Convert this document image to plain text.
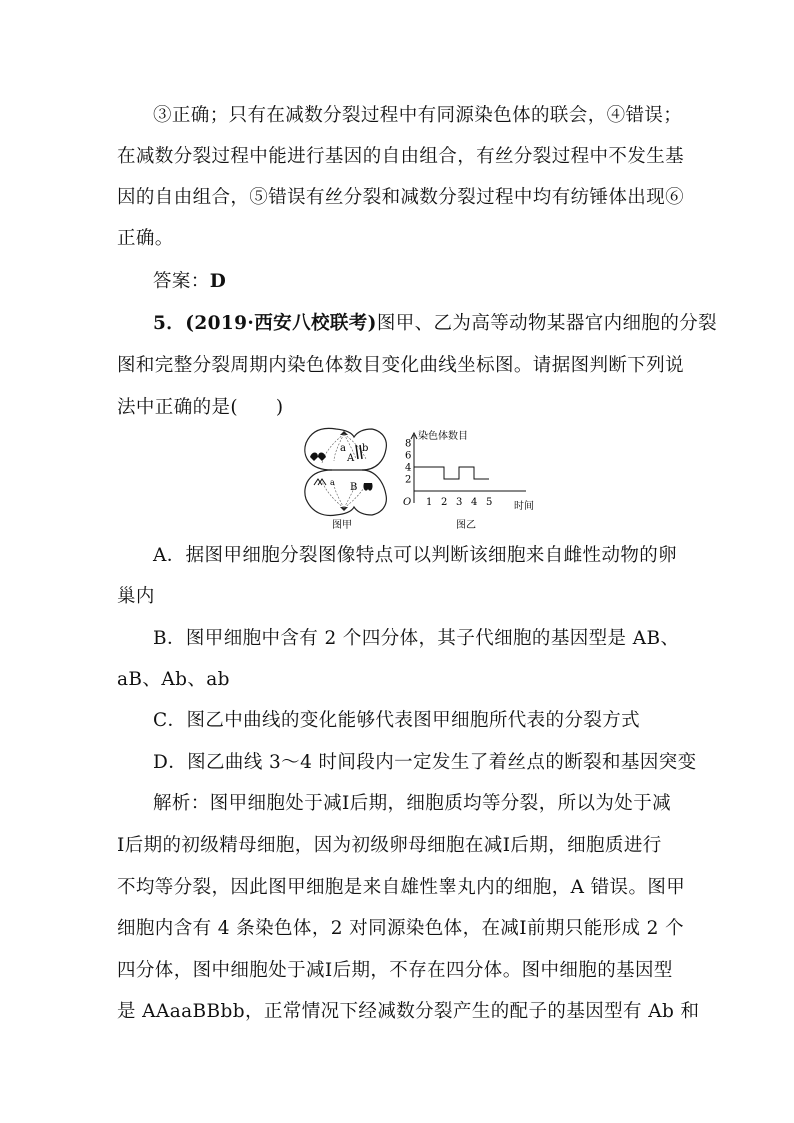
③正确；只有在减数分裂过程中有同源染色体的联会，④错误；
在减数分裂过程中能进行基因的自由组合，有丝分裂过程中不发生基
因的自由组合，⑤错误有丝分裂和减数分裂过程中均有纺锤体出现⑥
正确。
答案：D
5．(2019·西安八校联考)图甲、乙为高等动物某器官内细胞的分裂
图和完整分裂周期内染色体数目变化曲线坐标图。请据图判断下列说
法中正确的是(　　)
A
a b
a B
图甲
染色体数目
时间
O
2
4
6
8
1 2 3 4 5
图乙
A．据图甲细胞分裂图像特点可以判断该细胞来自雌性动物的卵
巢内
B．图甲细胞中含有 2 个四分体，其子代细胞的基因型是 AB、
aB、Ab、ab
C．图乙中曲线的变化能够代表图甲细胞所代表的分裂方式
D．图乙曲线 3～4 时间段内一定发生了着丝点的断裂和基因突变
解析：图甲细胞处于减Ⅰ后期，细胞质均等分裂，所以为处于减
Ⅰ后期的初级精母细胞，因为初级卵母细胞在减Ⅰ后期，细胞质进行
不均等分裂，因此图甲细胞是来自雄性睾丸内的细胞，A 错误。图甲
细胞内含有 4 条染色体，2 对同源染色体，在减Ⅰ前期只能形成 2 个
四分体，图中细胞处于减Ⅰ后期，不存在四分体。图中细胞的基因型
是 AAaaBBbb，正常情况下经减数分裂产生的配子的基因型有 Ab 和
